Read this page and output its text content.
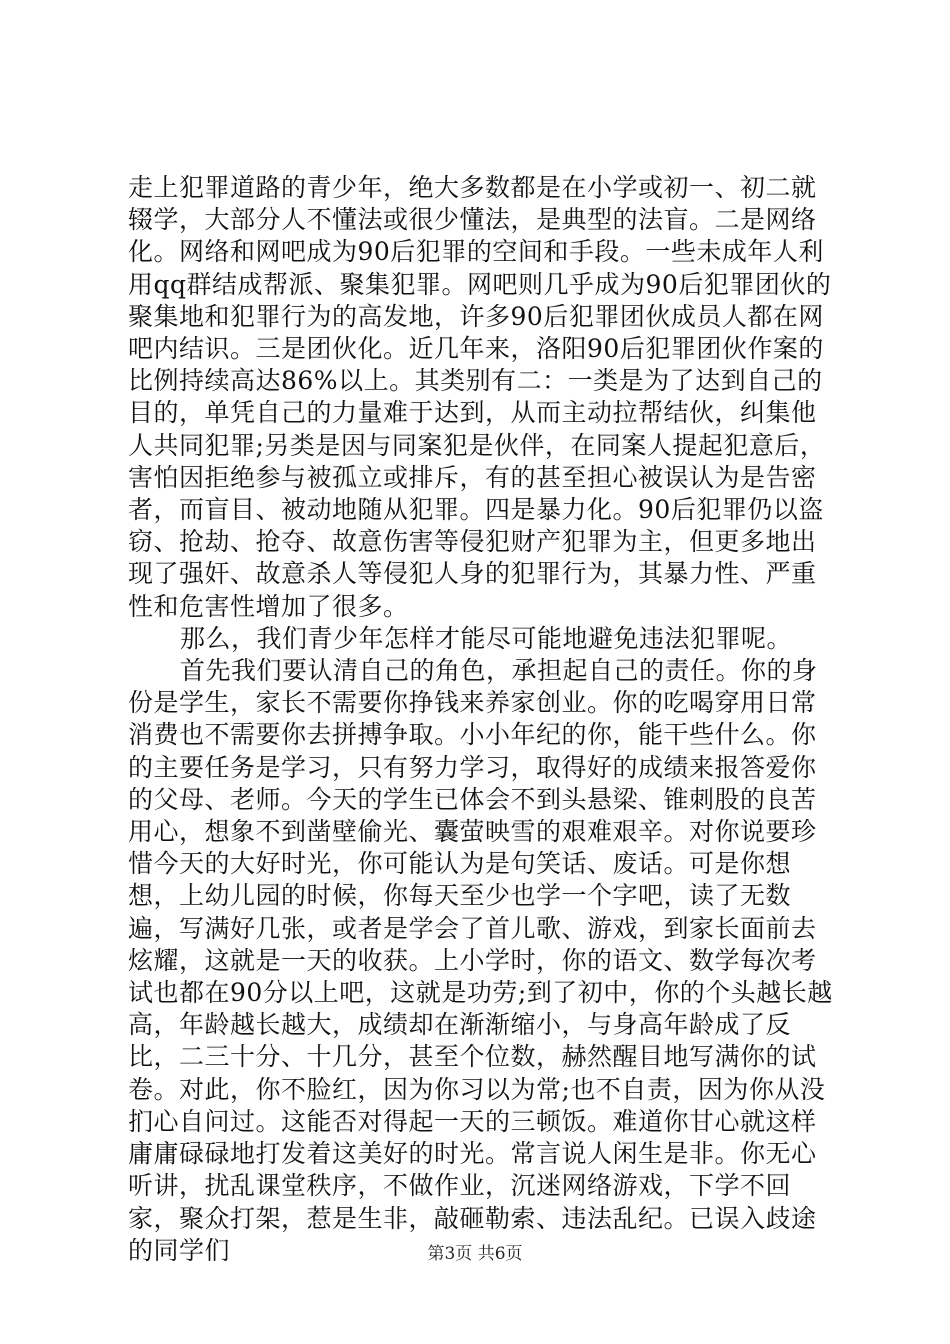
走上犯罪道路的青少年，绝大多数都是在小学或初一、初二就辍学，大部分人不懂法或很少懂法，是典型的法盲。二是网络化。网络和网吧成为90后犯罪的空间和手段。一些未成年人利用qq群结成帮派、聚集犯罪。网吧则几乎成为90后犯罪团伙的聚集地和犯罪行为的高发地，许多90后犯罪团伙成员人都在网吧内结识。三是团伙化。近几年来，洛阳90后犯罪团伙作案的比例持续高达86%以上。其类别有二：一类是为了达到自己的目的，单凭自己的力量难于达到，从而主动拉帮结伙，纠集他人共同犯罪;另类是因与同案犯是伙伴，在同案人提起犯意后，害怕因拒绝参与被孤立或排斥，有的甚至担心被误认为是告密者，而盲目、被动地随从犯罪。四是暴力化。90后犯罪仍以盗窃、抢劫、抢夺、故意伤害等侵犯财产犯罪为主，但更多地出现了强奸、故意杀人等侵犯人身的犯罪行为，其暴力性、严重性和危害性增加了很多。

那么，我们青少年怎样才能尽可能地避免违法犯罪呢。

首先我们要认清自己的角色，承担起自己的责任。你的身份是学生，家长不需要你挣钱来养家创业。你的吃喝穿用日常消费也不需要你去拼搏争取。小小年纪的你，能干些什么。你的主要任务是学习，只有努力学习，取得好的成绩来报答爱你的父母、老师。今天的学生已体会不到头悬梁、锥刺股的良苦用心，想象不到凿壁偷光、囊萤映雪的艰难艰辛。对你说要珍惜今天的大好时光，你可能认为是句笑话、废话。可是你想想，上幼儿园的时候，你每天至少也学一个字吧，读了无数遍，写满好几张，或者是学会了首儿歌、游戏，到家长面前去炫耀，这就是一天的收获。上小学时，你的语文、数学每次考试也都在90分以上吧，这就是功劳;到了初中，你的个头越长越高，年龄越长越大，成绩却在渐渐缩小，与身高年龄成了反比，二三十分、十几分，甚至个位数，赫然醒目地写满你的试卷。对此，你不脸红，因为你习以为常;也不自责，因为你从没扪心自问过。这能否对得起一天的三顿饭。难道你甘心就这样庸庸碌碌地打发着这美好的时光。常言说人闲生是非。你无心听讲，扰乱课堂秩序，不做作业，沉迷网络游戏，下学不回家，聚众打架，惹是生非，敲砸勒索、违法乱纪。已误入歧途的同学们	第3页 共6页
